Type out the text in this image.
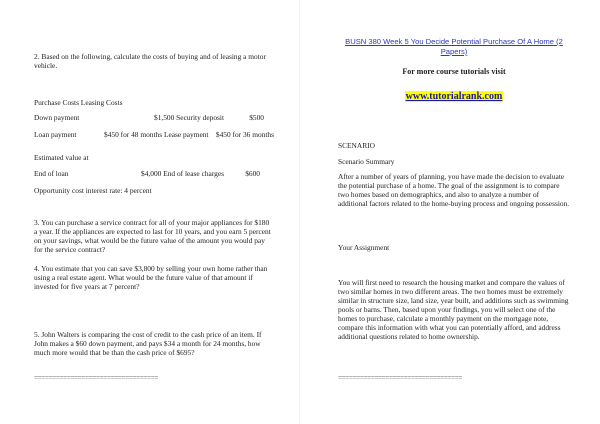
2. Based on the following, calculate the costs of buying and of leasing a motor vehicle.

Purchase Costs Leasing Costs

Down payment	$1,500 Security deposit	$500

Loan payment	$450 for 48 months Lease payment $450 for 36 months

Estimated value at

End of loan	$4,000 End of lease charges	$600

Opportunity cost interest rate: 4 percent

3. You can purchase a service contract for all of your major appliances for $180 a year. If the appliances are expected to last for 10 years, and you earn 5 percent on your savings, what would be the future value of the amount you would pay for the service contract?

4. You estimate that you can save $3,800 by selling your own home rather than using a real estate agent. What would be the future value of that amount if invested for five years at 7 percent?

5. John Walters is comparing the cost of credit to the cash price of an item. If John makes a $60 down payment, and pays $34 a month for 24 months, how much more would that be than the cash price of $695?

==================================

BUSN 380 Week 5 You Decide Potential Purchase Of A Home (2 Papers)

For more course tutorials visit

www.tutorialrank.com

SCENARIO

Scenario Summary

After a number of years of planning, you have made the decision to evaluate the potential purchase of a home. The goal of the assignment is to compare two homes based on demographics, and also to analyze a number of additional factors related to the home-buying process and ongoing possession.

Your Assignment

You will first need to research the housing market and compare the values of two similar homes in two different areas. The two homes must be extremely similar in structure size, land size, year built, and additions such as swimming pools or barns. Then, based upon your findings, you will select one of the homes to purchase, calculate a monthly payment on the mortgage note, compare this information with what you can potentially afford, and address additional questions related to home ownership.

==================================
